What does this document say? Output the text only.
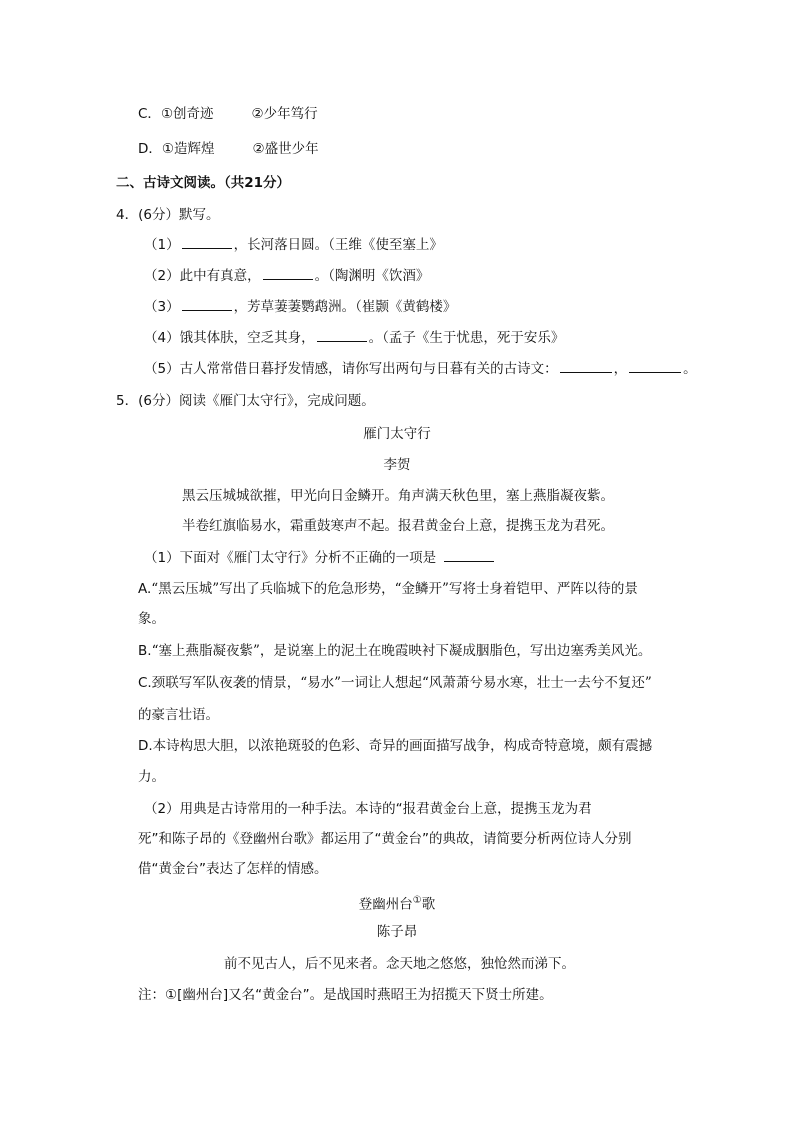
C．①创奇迹	②少年笃行
D．①造辉煌	②盛世少年
二、古诗文阅读。（共21分）
4．(6分）默写。
（1）	，长河落日圆。（王维《使至塞上》
（2）此中有真意，	。（陶渊明《饮酒》
（3）	，芳草萋萋鹦鹉洲。（崔颢《黄鹤楼》
（4）饿其体肤，空乏其身，	。（孟子《生于忧患，死于安乐》
（5）古人常常借日暮抒发情感，请你写出两句与日暮有关的古诗文：	，	。
5．(6分）阅读《雁门太守行》，完成问题。
雁门太守行
李贺
黑云压城城欲摧，甲光向日金鳞开。角声满天秋色里，塞上燕脂凝夜紫。
半卷红旗临易水，霜重鼓寒声不起。报君黄金台上意，提携玉龙为君死。
（1）下面对《雁门太守行》分析不正确的一项是
A.“黑云压城”写出了兵临城下的危急形势，“金鳞开”写将士身着铠甲、严阵以待的景
象。
B.“塞上燕脂凝夜紫”，是说塞上的泥土在晚霞映衬下凝成胭脂色，写出边塞秀美风光。
C.颈联写军队夜袭的情景，“易水”一词让人想起“风萧萧兮易水寒，壮士一去兮不复还”
的豪言壮语。
D.本诗构思大胆，以浓艳斑驳的色彩、奇异的画面描写战争，构成奇特意境，颇有震撼
力。
（2）用典是古诗常用的一种手法。本诗的“报君黄金台上意，提携玉龙为君
死”和陈子昂的《登幽州台歌》都运用了“黄金台”的典故，请简要分析两位诗人分别
借“黄金台”表达了怎样的情感。
登幽州台①歌
陈子昂
前不见古人，后不见来者。念天地之悠悠，独怆然而涕下。
注：①[幽州台]又名“黄金台”。是战国时燕昭王为招揽天下贤士所建。
